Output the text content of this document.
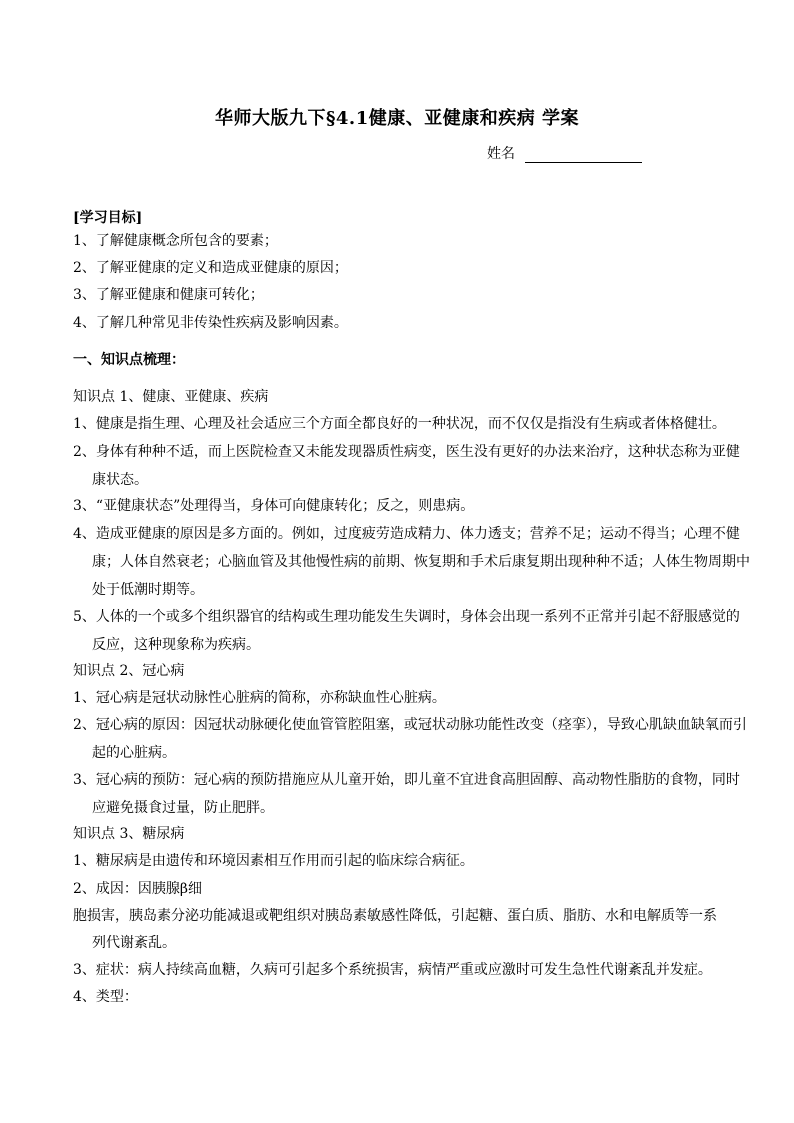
华师大版九下§4.1健康、亚健康和疾病 学案
姓名

[学习目标]

1、了解健康概念所包含的要素；

2、了解亚健康的定义和造成亚健康的原因；

3、了解亚健康和健康可转化；

4、了解几种常见非传染性疾病及影响因素。

一、知识点梳理：

知识点 1、健康、亚健康、疾病

1、健康是指生理、心理及社会适应三个方面全都良好的一种状况，而不仅仅是指没有生病或者体格健壮。

2、身体有种种不适，而上医院检查又未能发现器质性病变，医生没有更好的办法来治疗，这种状态称为亚健康状态。

3、“亚健康状态”处理得当，身体可向健康转化；反之，则患病。

4、造成亚健康的原因是多方面的。例如，过度疲劳造成精力、体力透支；营养不足；运动不得当；心理不健康；人体自然衰老；心脑血管及其他慢性病的前期、恢复期和手术后康复期出现种种不适；人体生物周期中处于低潮时期等。

5、人体的一个或多个组织器官的结构或生理功能发生失调时，身体会出现一系列不正常并引起不舒服感觉的反应，这种现象称为疾病。

知识点 2、冠心病

1、冠心病是冠状动脉性心脏病的简称，亦称缺血性心脏病。

2、冠心病的原因：因冠状动脉硬化使血管管腔阻塞，或冠状动脉功能性改变（痉挛），导致心肌缺血缺氧而引起的心脏病。

3、冠心病的预防：冠心病的预防措施应从儿童开始，即儿童不宜进食高胆固醇、高动物性脂肪的食物，同时应避免摄食过量，防止肥胖。

知识点 3、糖尿病

1、糖尿病是由遗传和环境因素相互作用而引起的临床综合病征。

2、成因：因胰腺β细

胞损害，胰岛素分泌功能减退或靶组织对胰岛素敏感性降低，引起糖、蛋白质、脂肪、水和电解质等一系

列代谢紊乱。

3、症状：病人持续高血糖，久病可引起多个系统损害，病情严重或应激时可发生急性代谢紊乱并发症。

4、类型：
